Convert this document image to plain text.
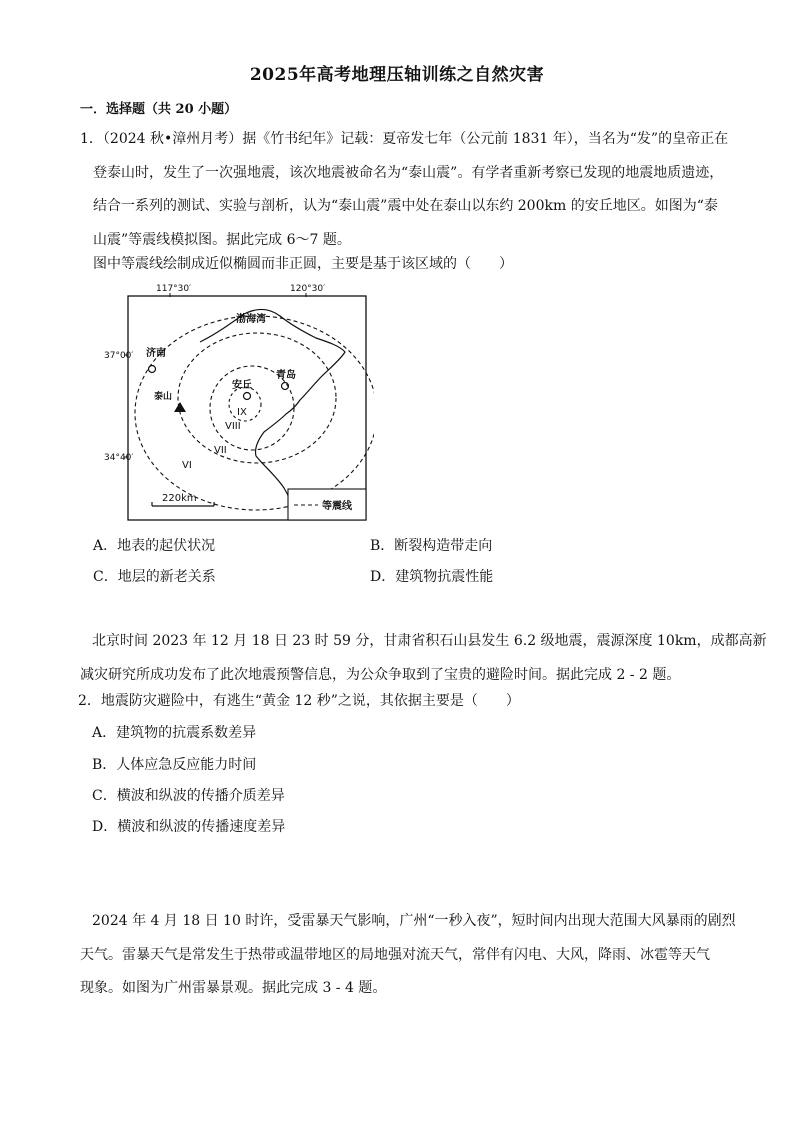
2025年高考地理压轴训练之自然灾害
一．选择题（共 20 小题）
1．（2024 秋•漳州月考）据《竹书纪年》记载：夏帝发七年（公元前 1831 年），当名为“发”的皇帝正在
登泰山时，发生了一次强地震，该次地震被命名为“泰山震”。有学者重新考察已发现的地震地质遗迹，
结合一系列的测试、实验与剖析，认为“泰山震”震中处在泰山以东约 200km 的安丘地区。如图为“泰
山震”等震线模拟图。据此完成 6～7 题。
图中等震线绘制成近似椭圆而非正圆，主要是基于该区域的（　　）
117°30′	120°30′
37°00′
34°40′
渤海湾
济南
泰山
安丘
青岛
IX
VIII
VII
VI
220km
等震线
A．地表的起伏状况	B．断裂构造带走向
C．地层的新老关系	D．建筑物抗震性能
北京时间 2023 年 12 月 18 日 23 时 59 分，甘肃省积石山县发生 6.2 级地震，震源深度 10km，成都高新
减灾研究所成功发布了此次地震预警信息，为公众争取到了宝贵的避险时间。据此完成 2 - 2 题。
2．地震防灾避险中，有逃生“黄金 12 秒”之说，其依据主要是（　　）
A．建筑物的抗震系数差异
B．人体应急反应能力时间
C．横波和纵波的传播介质差异
D．横波和纵波的传播速度差异
2024 年 4 月 18 日 10 时许，受雷暴天气影响，广州“一秒入夜”，短时间内出现大范围大风暴雨的剧烈
天气。雷暴天气是常发生于热带或温带地区的局地强对流天气，常伴有闪电、大风，降雨、冰雹等天气
现象。如图为广州雷暴景观。据此完成 3 - 4 题。
